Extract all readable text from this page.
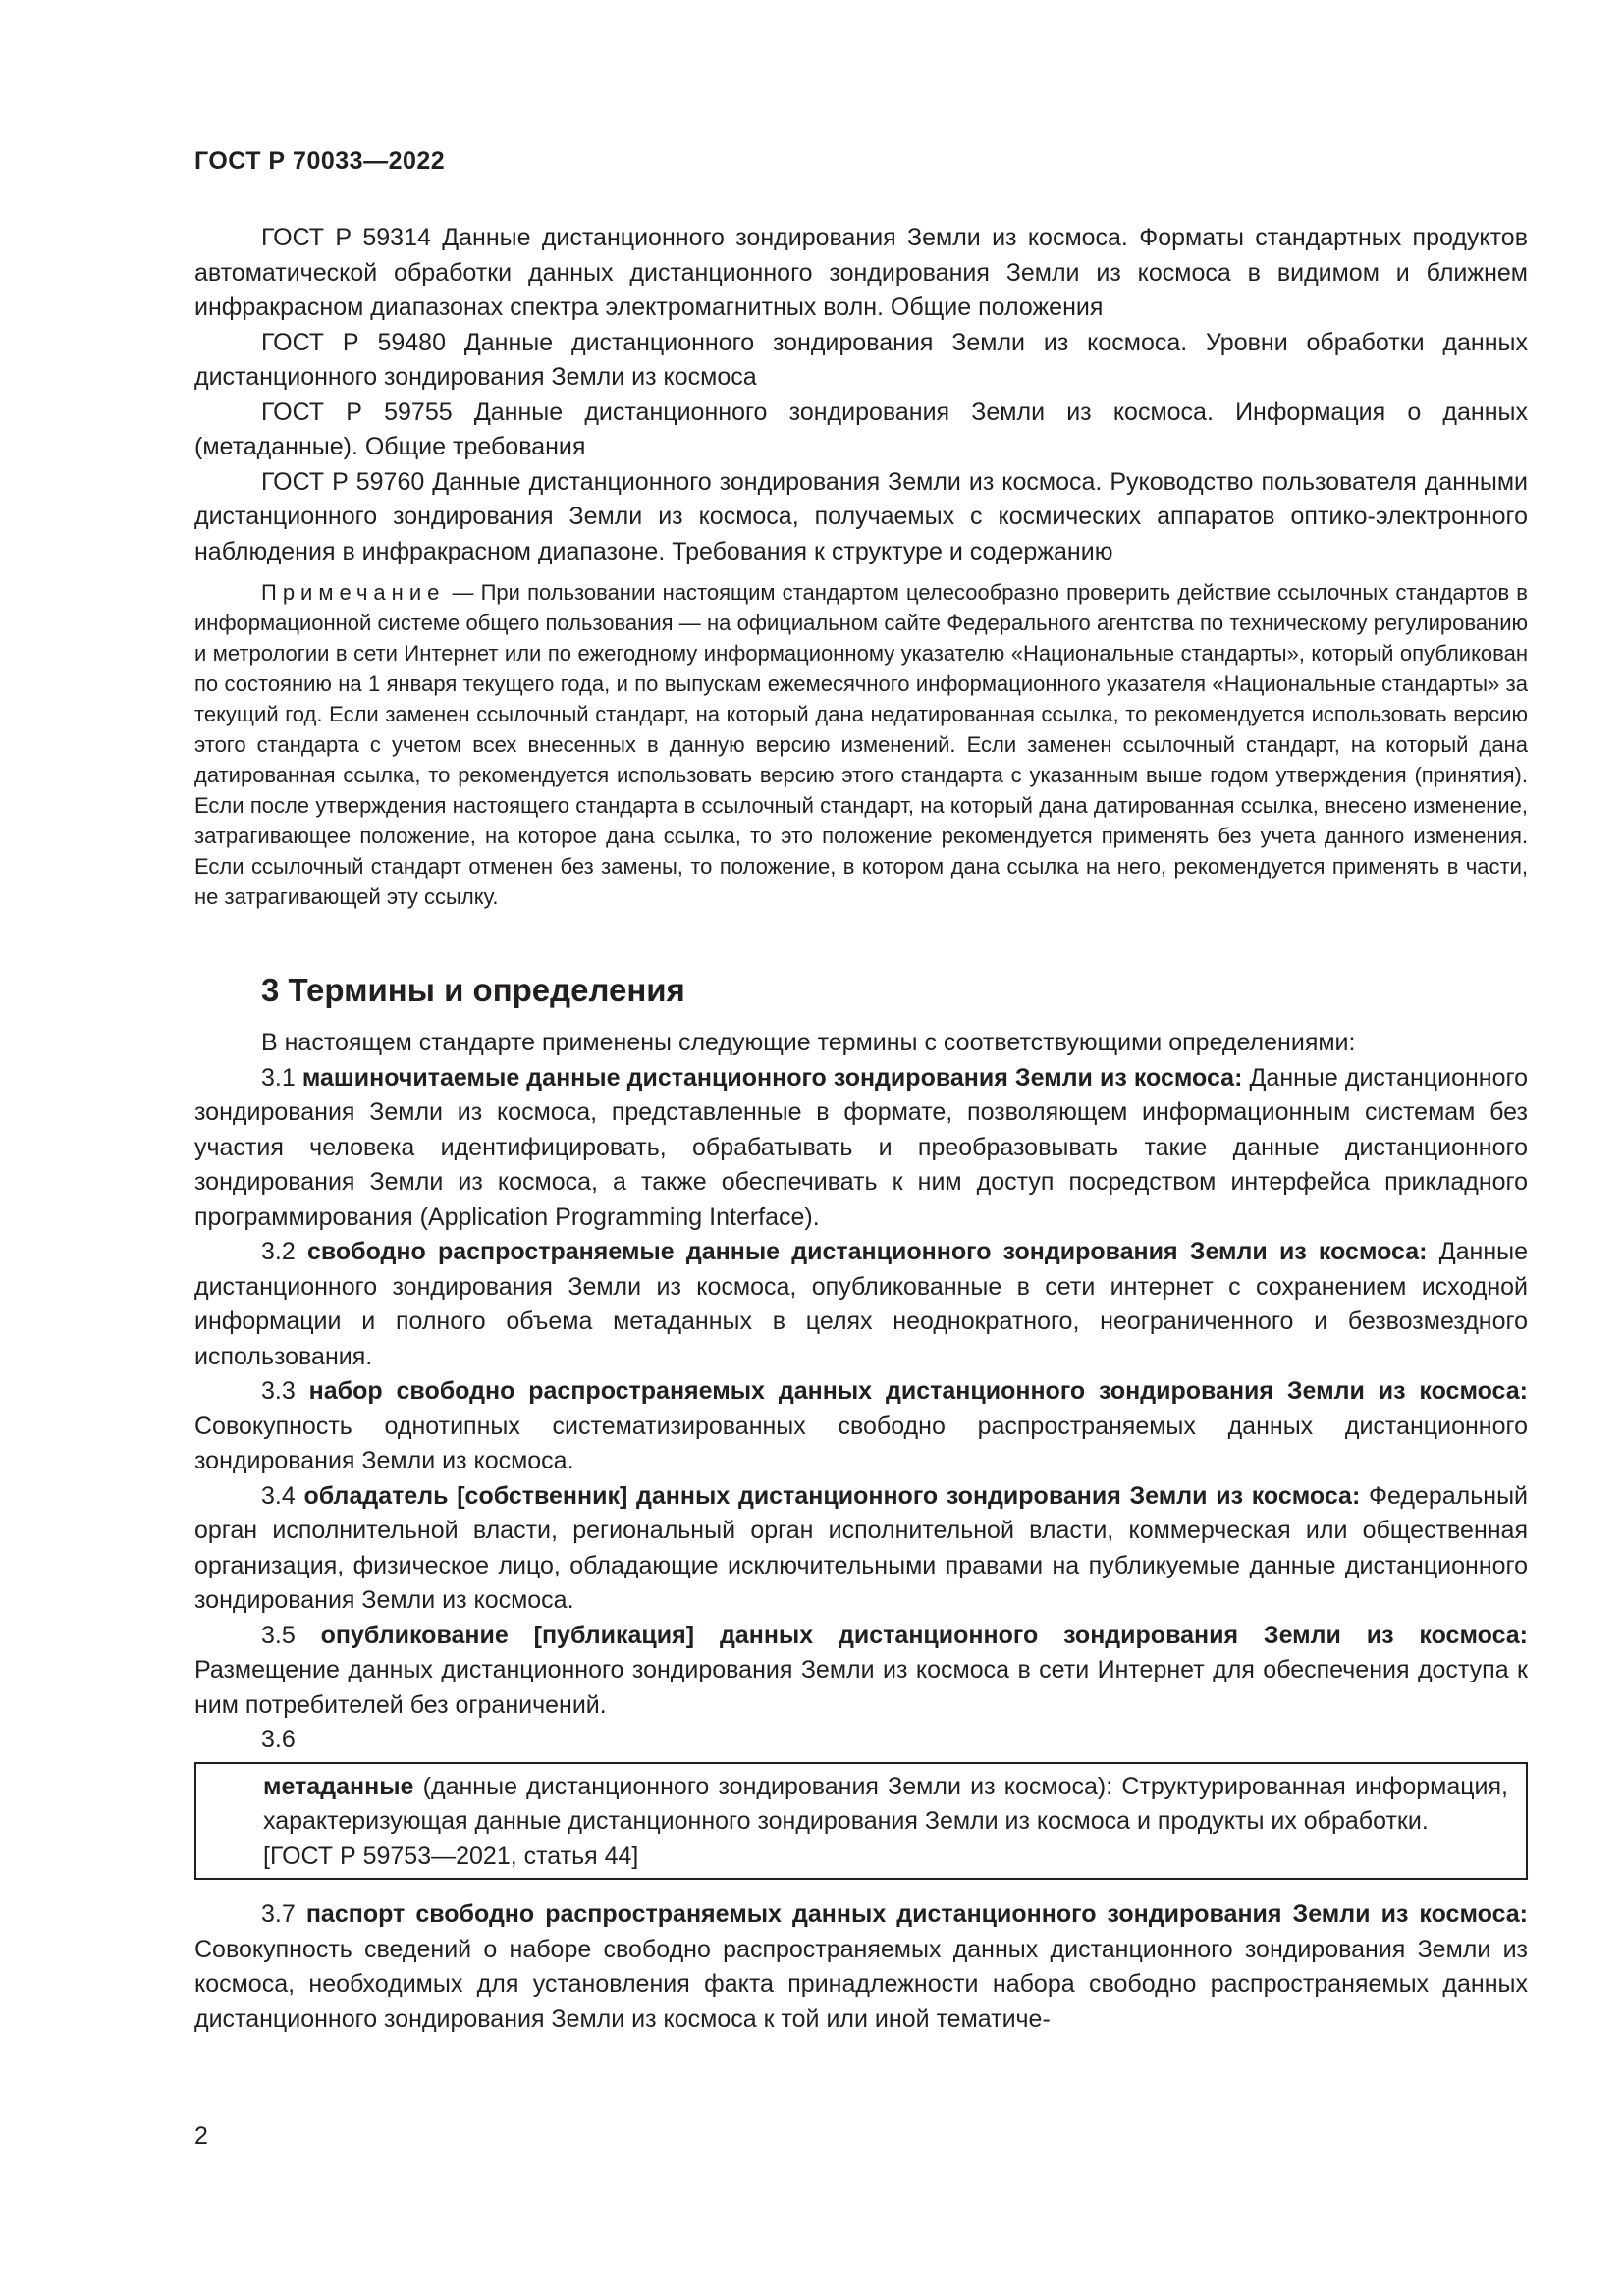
ГОСТ Р 70033—2022

ГОСТ Р 59314 Данные дистанционного зондирования Земли из космоса. Форматы стандартных продуктов автоматической обработки данных дистанционного зондирования Земли из космоса в видимом и ближнем инфракрасном диапазонах спектра электромагнитных волн. Общие положения

ГОСТ Р 59480 Данные дистанционного зондирования Земли из космоса. Уровни обработки данных дистанционного зондирования Земли из космоса

ГОСТ Р 59755 Данные дистанционного зондирования Земли из космоса. Информация о данных (метаданные). Общие требования

ГОСТ Р 59760 Данные дистанционного зондирования Земли из космоса. Руководство пользователя данными дистанционного зондирования Земли из космоса, получаемых с космических аппаратов оптико-электронного наблюдения в инфракрасном диапазоне. Требования к структуре и содержанию

Примечание — При пользовании настоящим стандартом целесообразно проверить действие ссылочных стандартов в информационной системе общего пользования — на официальном сайте Федерального агентства по техническому регулированию и метрологии в сети Интернет или по ежегодному информационному указателю «Национальные стандарты», который опубликован по состоянию на 1 января текущего года, и по выпускам ежемесячного информационного указателя «Национальные стандарты» за текущий год. Если заменен ссылочный стандарт, на который дана недатированная ссылка, то рекомендуется использовать версию этого стандарта с учетом всех внесенных в данную версию изменений. Если заменен ссылочный стандарт, на который дана датированная ссылка, то рекомендуется использовать версию этого стандарта с указанным выше годом утверждения (принятия). Если после утверждения настоящего стандарта в ссылочный стандарт, на который дана датированная ссылка, внесено изменение, затрагивающее положение, на которое дана ссылка, то это положение рекомендуется применять без учета данного изменения. Если ссылочный стандарт отменен без замены, то положение, в котором дана ссылка на него, рекомендуется применять в части, не затрагивающей эту ссылку.

3 Термины и определения

В настоящем стандарте применены следующие термины с соответствующими определениями:

3.1 машиночитаемые данные дистанционного зондирования Земли из космоса: Данные дистанционного зондирования Земли из космоса, представленные в формате, позволяющем информационным системам без участия человека идентифицировать, обрабатывать и преобразовывать такие данные дистанционного зондирования Земли из космоса, а также обеспечивать к ним доступ посредством интерфейса прикладного программирования (Application Programming Interface).

3.2 свободно распространяемые данные дистанционного зондирования Земли из космоса: Данные дистанционного зондирования Земли из космоса, опубликованные в сети интернет с сохранением исходной информации и полного объема метаданных в целях неоднократного, неограниченного и безвозмездного использования.

3.3 набор свободно распространяемых данных дистанционного зондирования Земли из космоса: Совокупность однотипных систематизированных свободно распространяемых данных дистанционного зондирования Земли из космоса.

3.4 обладатель [собственник] данных дистанционного зондирования Земли из космоса: Федеральный орган исполнительной власти, региональный орган исполнительной власти, коммерческая или общественная организация, физическое лицо, обладающие исключительными правами на публикуемые данные дистанционного зондирования Земли из космоса.

3.5 опубликование [публикация] данных дистанционного зондирования Земли из космоса: Размещение данных дистанционного зондирования Земли из космоса в сети Интернет для обеспечения доступа к ним потребителей без ограничений.

3.6

метаданные (данные дистанционного зондирования Земли из космоса): Структурированная информация, характеризующая данные дистанционного зондирования Земли из космоса и продукты их обработки.

[ГОСТ Р 59753—2021, статья 44]

3.7 паспорт свободно распространяемых данных дистанционного зондирования Земли из космоса: Совокупность сведений о наборе свободно распространяемых данных дистанционного зондирования Земли из космоса, необходимых для установления факта принадлежности набора свободно распространяемых данных дистанционного зондирования Земли из космоса к той или иной тематиче-

2
